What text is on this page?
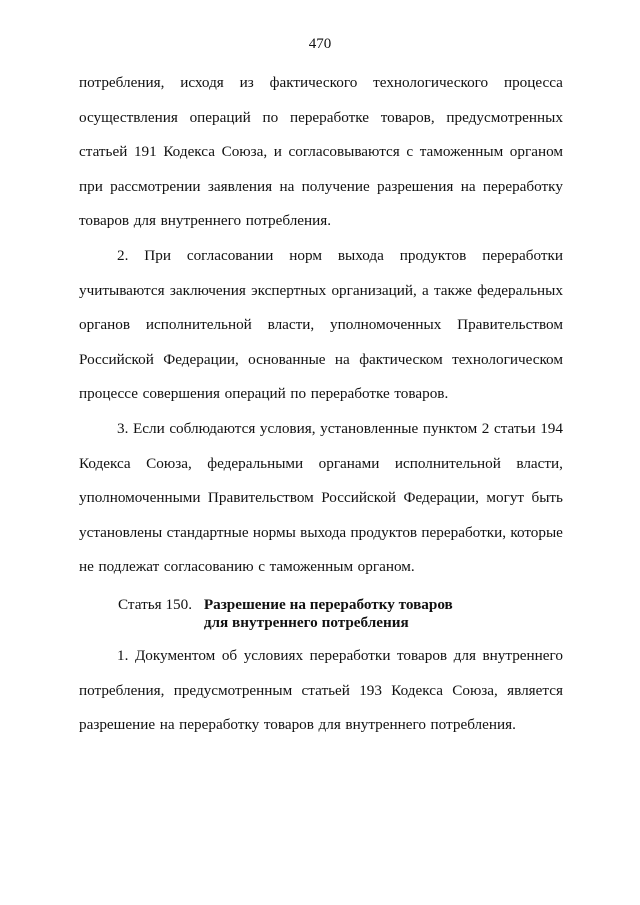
470
потребления, исходя из фактического технологического процесса
осуществления операций по переработке товаров, предусмотренных
статьей 191 Кодекса Союза, и согласовываются с таможенным органом
при рассмотрении заявления на получение разрешения на переработку
товаров для внутреннего потребления.
2. При согласовании норм выхода продуктов переработки
учитываются заключения экспертных организаций, а также федеральных
органов исполнительной власти, уполномоченных Правительством
Российской Федерации, основанные на фактическом технологическом
процессе совершения операций по переработке товаров.
3. Если соблюдаются условия, установленные пунктом 2 статьи 194
Кодекса Союза, федеральными органами исполнительной власти,
уполномоченными Правительством Российской Федерации, могут быть
установлены стандартные нормы выхода продуктов переработки, которые
не подлежат согласованию с таможенным органом.
Статья 150. Разрешение на переработку товаров
для внутреннего потребления
1. Документом об условиях переработки товаров для внутреннего
потребления, предусмотренным статьей 193 Кодекса Союза, является
разрешение на переработку товаров для внутреннего потребления.
